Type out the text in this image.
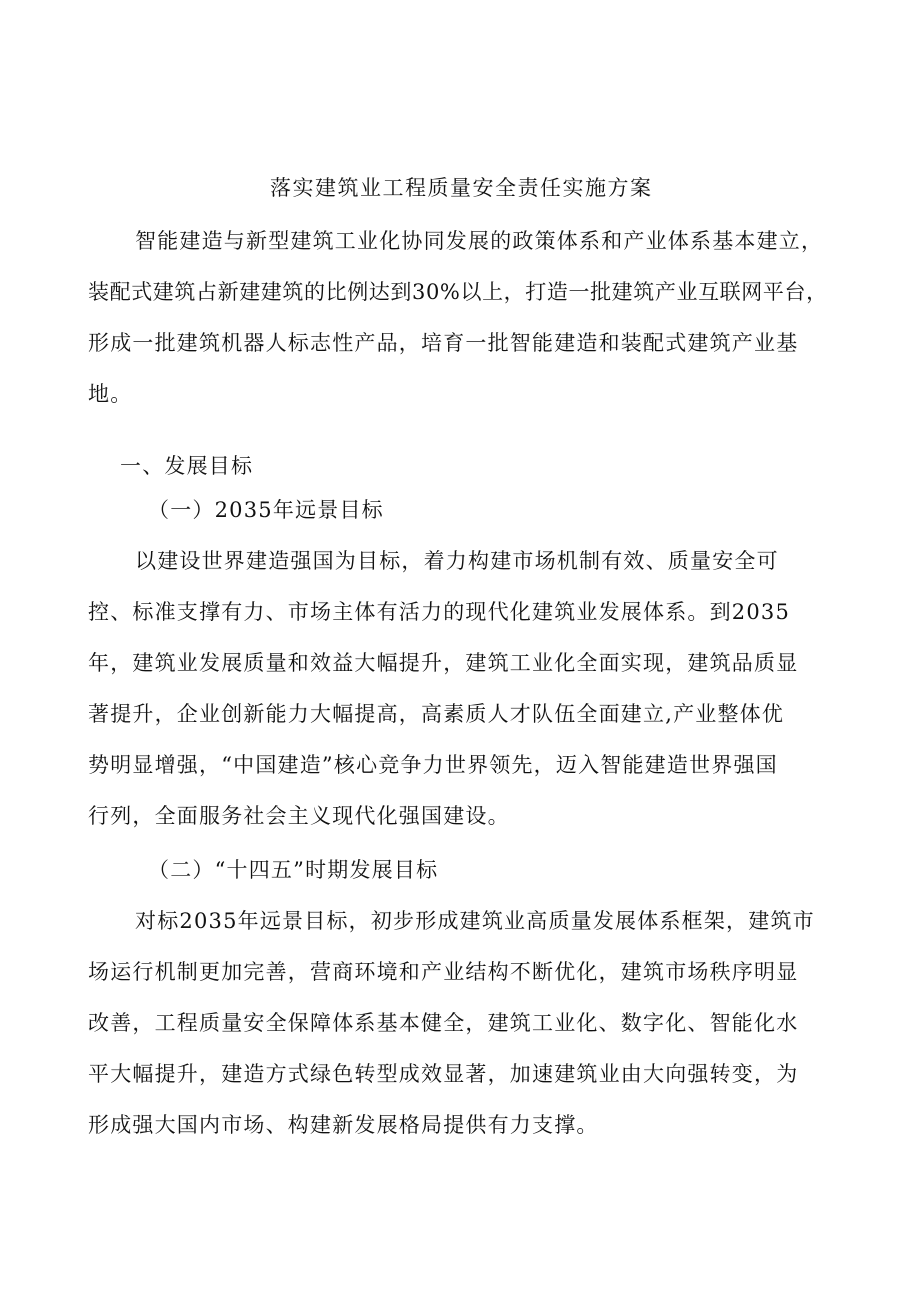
落实建筑业工程质量安全责任实施方案
智能建造与新型建筑工业化协同发展的政策体系和产业体系基本建立，
装配式建筑占新建建筑的比例达到30%以上，打造一批建筑产业互联网平台，
形成一批建筑机器人标志性产品，培育一批智能建造和装配式建筑产业基
地。
一、发展目标
（一）2035年远景目标
以建设世界建造强国为目标，着力构建市场机制有效、质量安全可
控、标准支撑有力、市场主体有活力的现代化建筑业发展体系。到2035
年，建筑业发展质量和效益大幅提升，建筑工业化全面实现，建筑品质显
著提升，企业创新能力大幅提高，高素质人才队伍全面建立,产业整体优
势明显增强，“中国建造”核心竞争力世界领先，迈入智能建造世界强国
行列，全面服务社会主义现代化强国建设。
（二）“十四五”时期发展目标
对标2035年远景目标，初步形成建筑业高质量发展体系框架，建筑市
场运行机制更加完善，营商环境和产业结构不断优化，建筑市场秩序明显
改善，工程质量安全保障体系基本健全，建筑工业化、数字化、智能化水
平大幅提升，建造方式绿色转型成效显著，加速建筑业由大向强转变，为
形成强大国内市场、构建新发展格局提供有力支撑。
